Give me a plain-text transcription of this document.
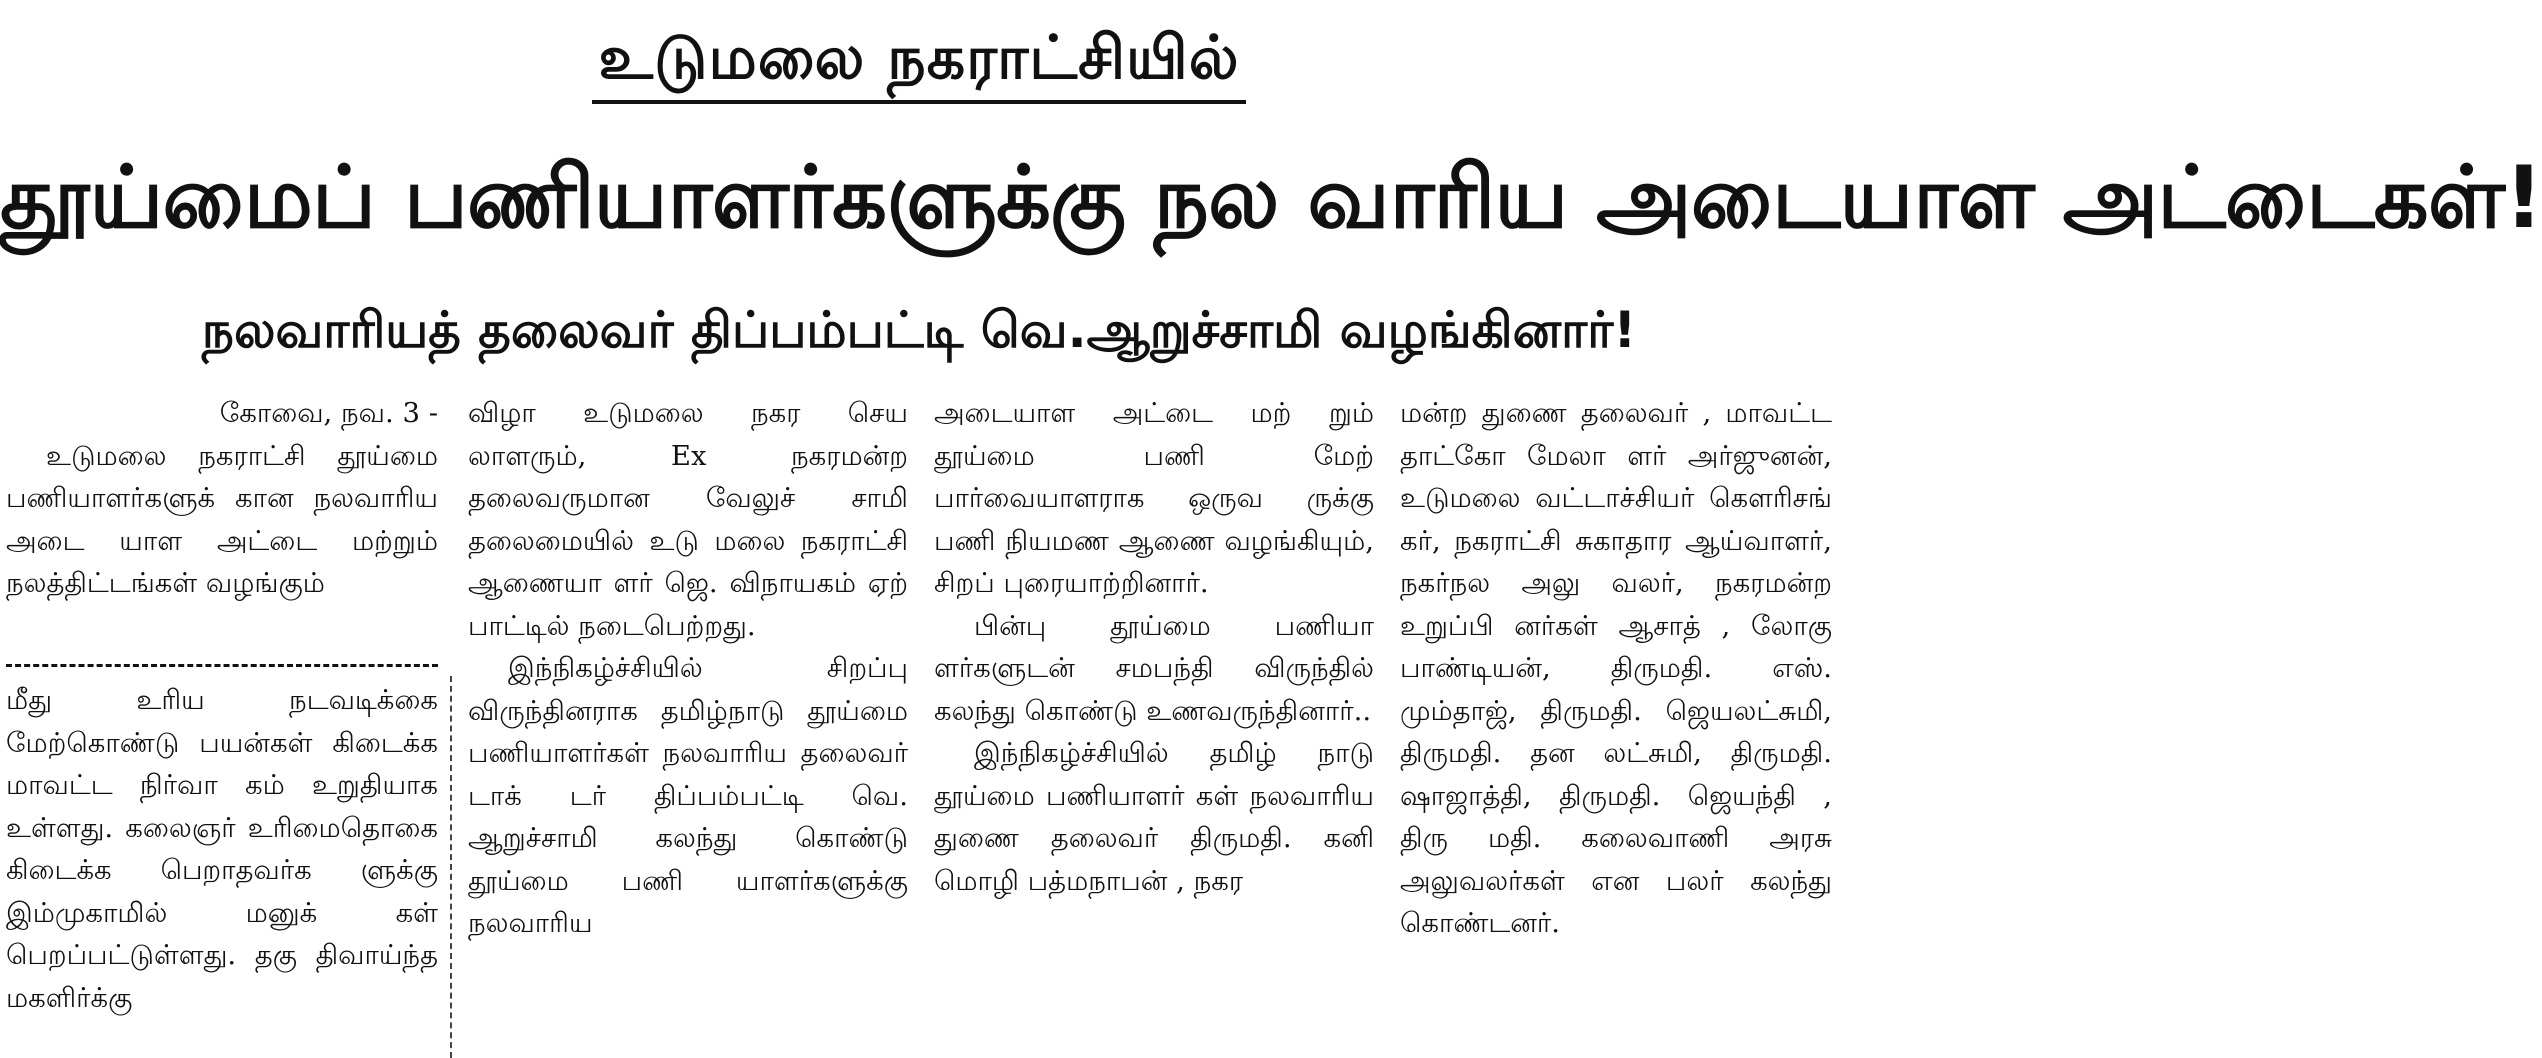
உடுமலை நகராட்சியில்
தூய்மைப் பணியாளர்களுக்கு நல வாரிய அடையாள அட்டைகள்!
நலவாரியத் தலைவர் திப்பம்பட்டி வெ.ஆறுச்சாமி வழங்கினார்!

கோவை, நவ. 3 -

உடுமலை நகராட்சி தூய்மை பணியாளர்களுக் கான நலவாரிய அடை யாள அட்டை மற்றும் நலத்திட்டங்கள் வழங்கும்

மீது உரிய நடவடிக்கை மேற்கொண்டு பயன்கள் கிடைக்க மாவட்ட நிர்வா கம் உறுதியாக உள்ளது. கலைஞர் உரிமைதொகை கிடைக்க பெறாதவர்க ளுக்கு இம்முகாமில் மனுக் கள் பெறப்பட்டுள்ளது. தகு திவாய்ந்த மகளிர்க்கு

விழா உடுமலை நகர செய லாளரும், Ex நகரமன்ற தலைவருமான வேலுச் சாமி தலைமையில் உடு மலை நகராட்சி ஆணையா ளர் ஜெ. விநாயகம் ஏற் பாட்டில் நடைபெற்றது.

இந்நிகழ்ச்சியில் சிறப்பு விருந்தினராக தமிழ்நாடு தூய்மை பணியாளர்கள் நலவாரிய தலைவர் டாக் டர் திப்பம்பட்டி வெ. ஆறுச்சாமி கலந்து கொண்டு தூய்மை பணி யாளர்களுக்கு நலவாரிய

அடையாள அட்டை மற் றும் தூய்மை பணி மேற் பார்வையாளராக ஒருவ ருக்கு பணி நியமண ஆணை வழங்கியும், சிறப் புரையாற்றினார்.

பின்பு தூய்மை பணியா ளர்களுடன் சமபந்தி விருந்தில் கலந்து கொண்டு உணவருந்தினார்..

இந்நிகழ்ச்சியில் தமிழ் நாடு தூய்மை பணியாளர் கள் நலவாரிய துணை தலைவர் திருமதி. கனி மொழி பத்மநாபன் , நகர

மன்ற துணை தலைவர் , மாவட்ட தாட்கோ மேலா ளர் அர்ஜுனன், உடுமலை வட்டாச்சியர் கௌரிசங் கர், நகராட்சி சுகாதார ஆய்வாளர், நகர்நல அலு வலர், நகரமன்ற உறுப்பி னர்கள் ஆசாத் , லோகு பாண்டியன், திருமதி. எஸ். மும்தாஜ், திருமதி. ஜெயலட்சுமி, திருமதி. தன லட்சுமி, திருமதி. ஷாஜாத்தி, திருமதி. ஜெயந்தி , திரு மதி. கலைவாணி அரசு அலுவலர்கள் என பலர் கலந்து கொண்டனர்.
